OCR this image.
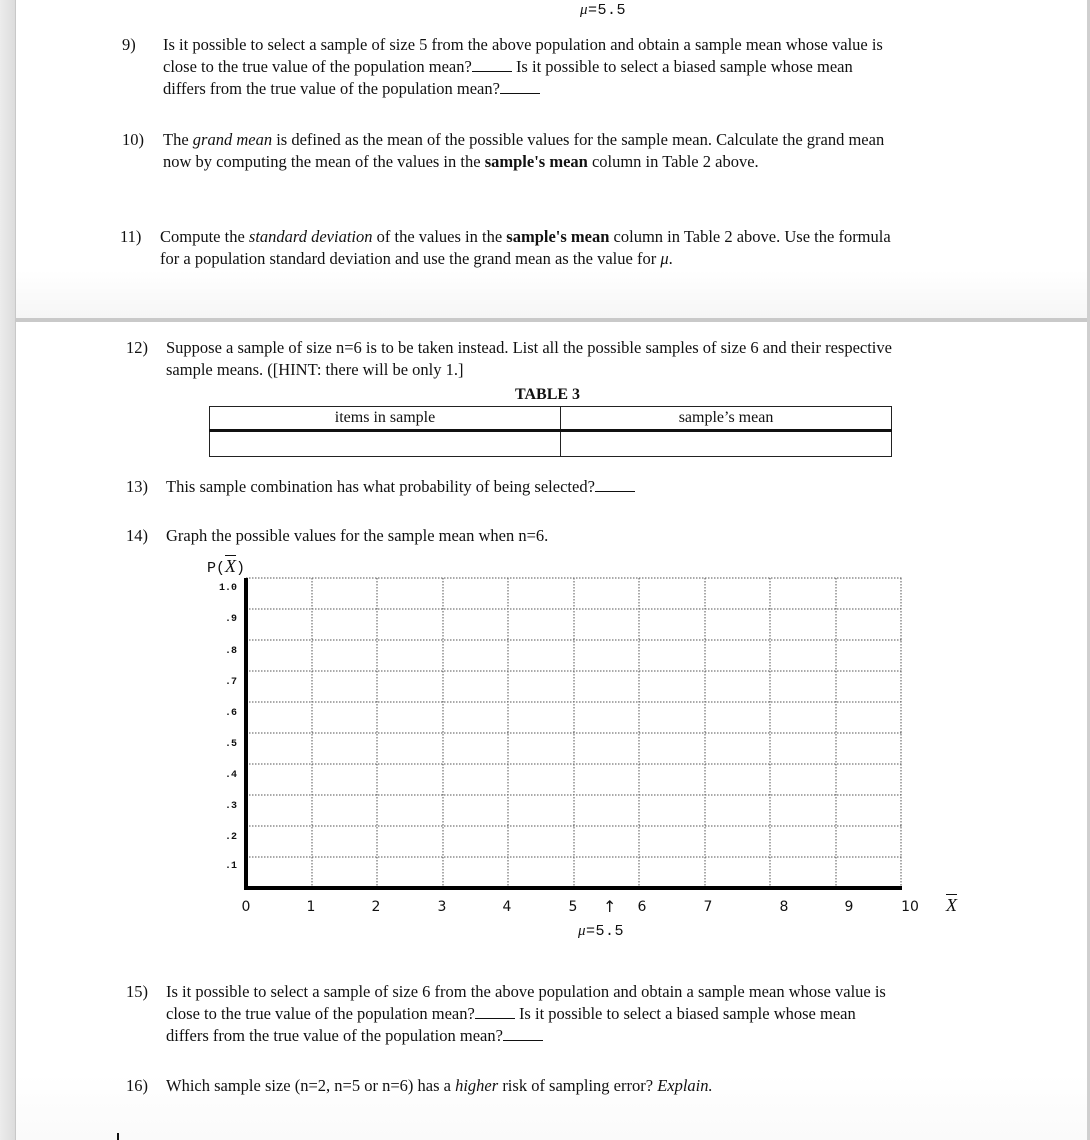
μ=5.5
9) Is it possible to select a sample of size 5 from the above population and obtain a sample mean whose value is
close to the true value of the population mean? Is it possible to select a biased sample whose mean
differs from the true value of the population mean?
10) The grand mean is defined as the mean of the possible values for the sample mean. Calculate the grand mean
now by computing the mean of the values in the sample's mean column in Table 2 above.
11) Compute the standard deviation of the values in the sample's mean column in Table 2 above. Use the formula
for a population standard deviation and use the grand mean as the value for μ.
12) Suppose a sample of size n=6 is to be taken instead. List all the possible samples of size 6 and their respective
sample means. ([HINT: there will be only 1.]
TABLE 3
items in sample	sample’s mean

13) This sample combination has what probability of being selected?
14) Graph the possible values for the sample mean when n=6.
$P(\overline{X})$
1.0
.9
.8
.7
.6
.5
.4
.3
.2
.1
0	1	2	3	4	5	6	7	8	9	10	$\overline{X}$
↑
μ=5.5
15) Is it possible to select a sample of size 6 from the above population and obtain a sample mean whose value is
close to the true value of the population mean? Is it possible to select a biased sample whose mean
differs from the true value of the population mean?
16) Which sample size (n=2, n=5 or n=6) has a higher risk of sampling error? Explain.
